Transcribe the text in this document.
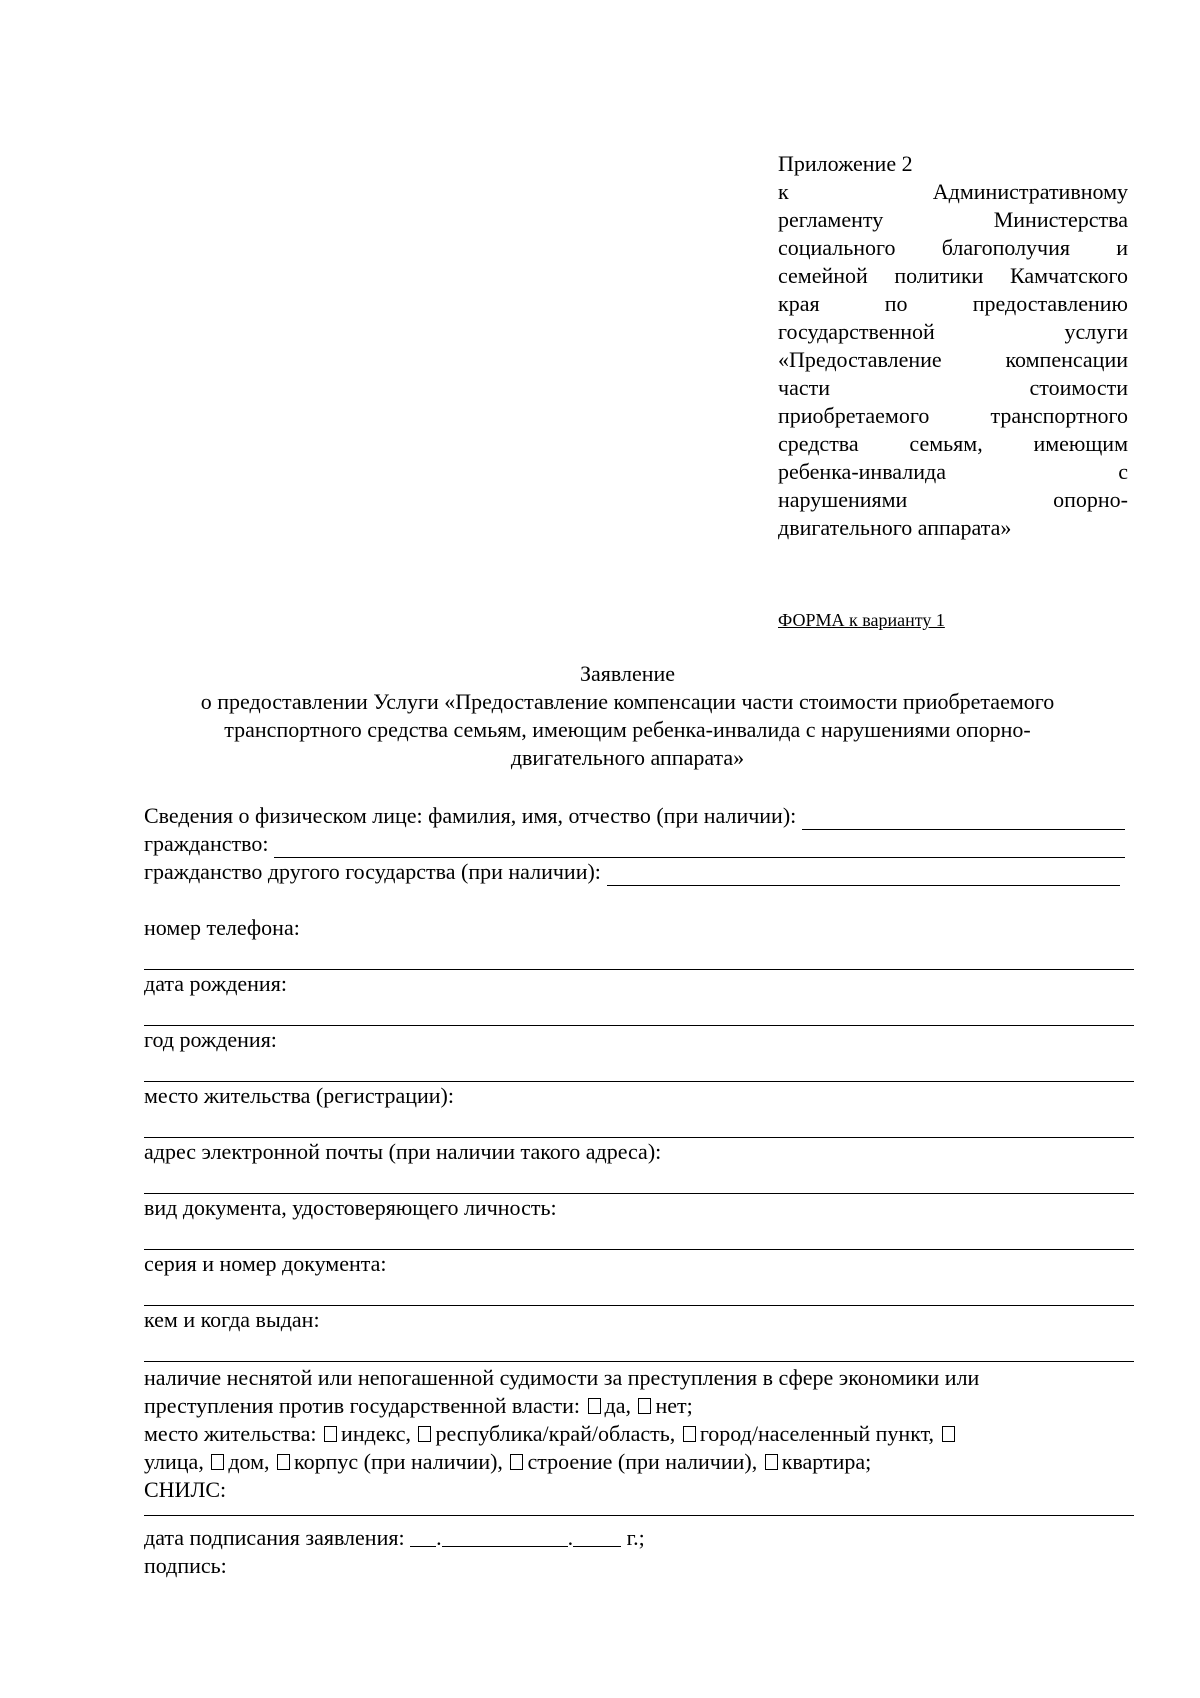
Приложение 2
к	Административному
регламенту	Министерства
социального благополучия и
семейной политики Камчатского
края	по	предоставлению
государственной	услуги
«Предоставление	компенсации
части	стоимости
приобретаемого	транспортного
средства семьям, имеющим
ребенка-инвалида	с
нарушениями	опорно-
двигательного аппарата»
ФОРМА к варианту 1
Заявление
о предоставлении Услуги «Предоставление компенсации части стоимости приобретаемого
транспортного средства семьям, имеющим ребенка-инвалида с нарушениями опорно-
двигательного аппарата»
Сведения о физическом лице: фамилия, имя, отчество (при наличии):
гражданство:
гражданство другого государства (при наличии):
номер телефона:
дата рождения:
год рождения:
место жительства (регистрации):
адрес электронной почты (при наличии такого адреса):
вид документа, удостоверяющего личность:
серия и номер документа:
кем и когда выдан:
наличие неснятой или непогашенной судимости за преступления в сфере экономики или
преступления против государственной власти: да, нет;
место жительства: индекс, республика/край/область, город/населенный пункт,
улица, дом, корпус (при наличии), строение (при наличии), квартира;
СНИЛС:
дата подписания заявления: .	. г.;
подпись:
